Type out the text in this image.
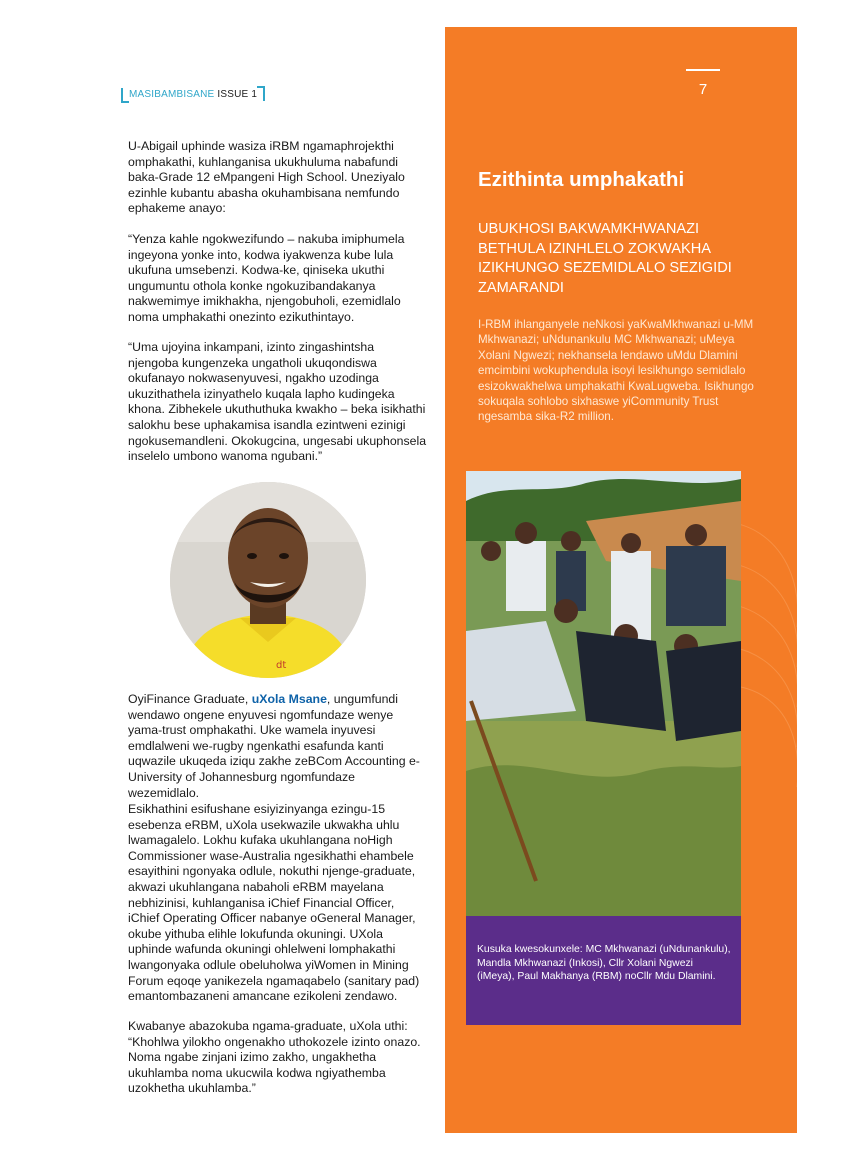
MASIBAMBISANE ISSUE 1

U-Abigail uphinde wasiza iRBM ngamaphrojekthi omphakathi, kuhlanganisa ukukhuluma nabafundi baka-Grade 12 eMpangeni High School. Uneziyalo ezinhle kubantu abasha okuhambisana nemfundo ephakeme anayo:

“Yenza kahle ngokwezifundo – nakuba imiphumela ingeyona yonke into, kodwa iyakwenza kube lula ukufuna umsebenzi. Kodwa-ke, qiniseka ukuthi ungumuntu othola konke ngokuzibandakanya nakwemimye imikhakha, njengobuholi, ezemidlalo noma umphakathi onezinto ezikuthintayo.

“Uma ujoyina inkampani, izinto zingashintsha njengoba kungenzeka ungatholi ukuqondiswa okufanayo nokwasenyuvesi, ngakho uzodinga ukuzithathela izinyathelo kuqala lapho kudingeka khona. Zibhekele ukuthuthuka kwakho – beka isikhathi salokhu bese uphakamisa isandla ezintweni ezinigi ngokusemandleni. Okokugcina, ungesabi ukuphonsela inselelo umbono wanoma ngubani.”

dt

OyiFinance Graduate, uXola Msane, ungumfundi wendawo ongene enyuvesi ngomfundaze wenye yama-trust omphakathi. Uke wamela inyuvesi emdlalweni we-rugby ngenkathi esafunda kanti uqwazile ukuqeda iziqu zakhe zeBCom Accounting e-University of Johannesburg ngomfundaze wezemidlalo.

Esikhathini esifushane esiyizinyanga ezingu-15 esebenza eRBM, uXola usekwazile ukwakha uhlu lwamagalelo. Lokhu kufaka ukuhlangana noHigh Commissioner wase-Australia ngesikhathi ehambele esayithini ngonyaka odlule, nokuthi njenge-graduate, akwazi ukuhlangana nabaholi eRBM mayelana nebhizinisi, kuhlanganisa iChief Financial Officer, iChief Operating Officer nabanye oGeneral Manager, okube yithuba elihle lokufunda okuningi. UXola uphinde wafunda okuningi ohlelweni lomphakathi lwangonyaka odlule obeluholwa yiWomen in Mining Forum eqoqe yanikezela ngamaqabelo (sanitary pad) emantombazaneni amancane ezikoleni zendawo.

Kwabanye abazokuba ngama-graduate, uXola uthi: “Khohlwa yilokho ongenakho uthokozele izinto onazo. Noma ngabe zinjani izimo zakho, ungakhetha ukuhlamba noma ukucwila kodwa ngiyathemba uzokhetha ukuhlamba.”

7
Ezithinta umphakathi
UBUKHOSI BAKWAMKHWANAZI BETHULA IZINHLELO ZOKWAKHA IZIKHUNGO SEZEMIDLALO SEZIGIDI ZAMARANDI
I-RBM ihlanganyele neNkosi yaKwaMkhwanazi u-MM Mkhwanazi; uNdunankulu MC Mkhwanazi; uMeya Xolani Ngwezi; nekhansela lendawo uMdu Dlamini emcimbini wokuphendula isoyi lesikhungo semidlalo esizokwakhelwa umphakathi KwaLugweba. Isikhungo sokuqala sohlobo sixhaswe yiCommunity Trust ngesamba sika-R2 million.
Kusuka kwesokunxele: MC Mkhwanazi (uNdunankulu), Mandla Mkhwanazi (Inkosi), Cllr Xolani Ngwezi (iMeya), Paul Makhanya (RBM) noCllr Mdu Dlamini.
